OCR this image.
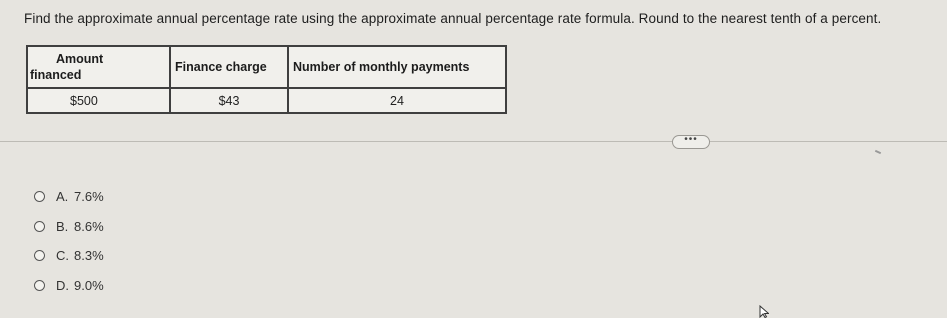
Find the approximate annual percentage rate using the approximate annual percentage rate formula. Round to the nearest tenth of a percent.
Amount
financed	Finance charge	Number of monthly payments
$500	$43	24
•••
A. 7.6%
B. 8.6%
C. 8.3%
D. 9.0%
